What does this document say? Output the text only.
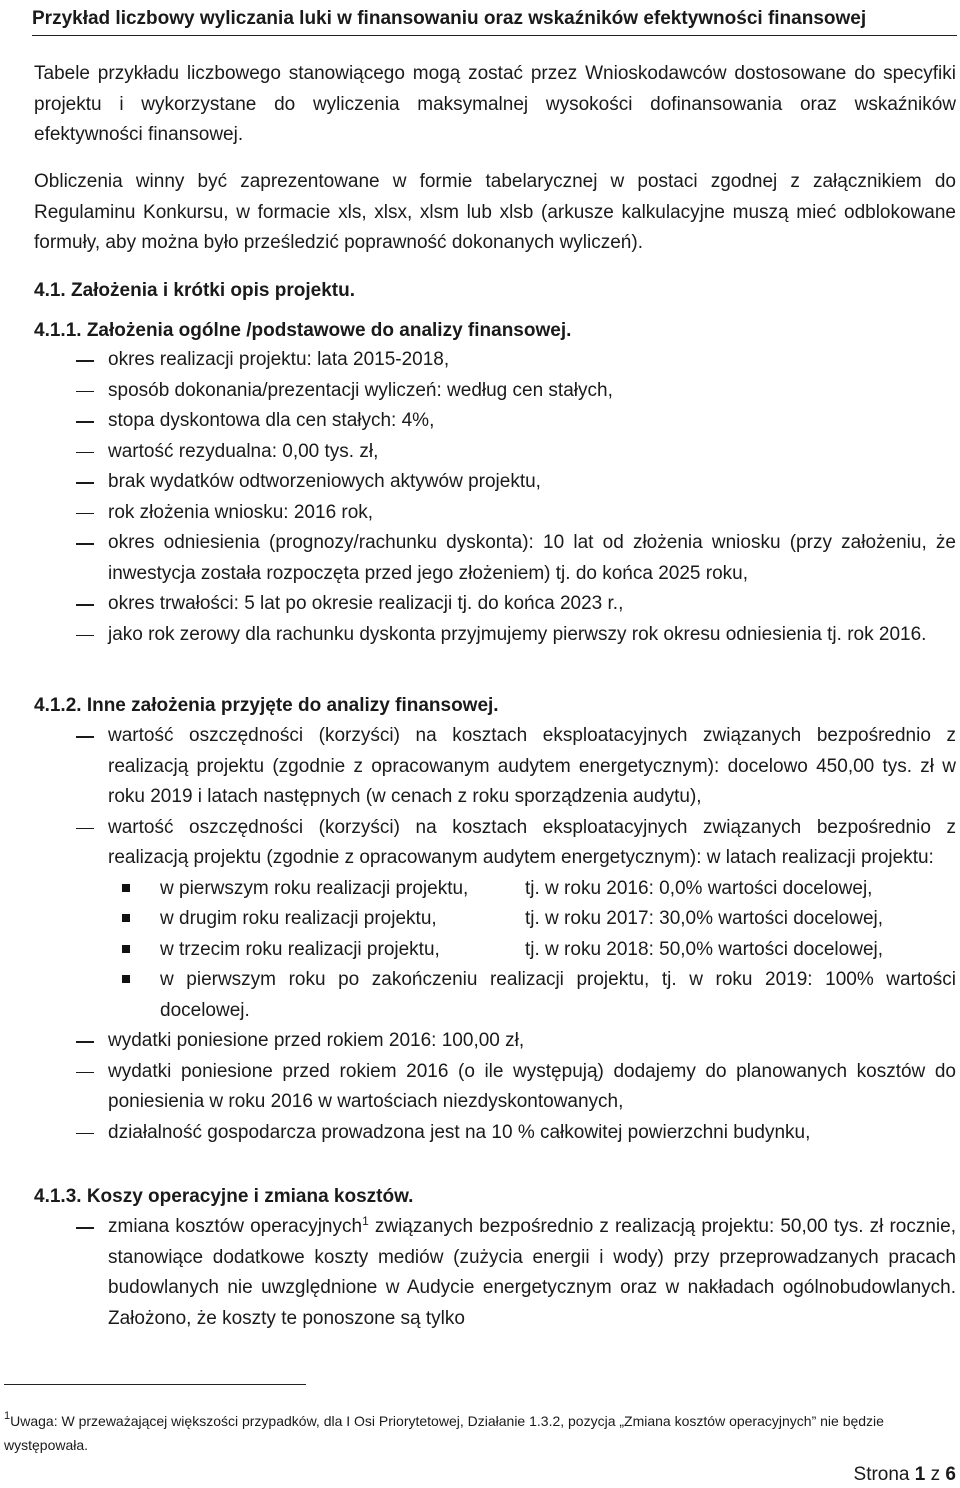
Przykład liczbowy wyliczania luki w finansowaniu oraz wskaźników efektywności finansowej
Tabele przykładu liczbowego stanowiącego mogą zostać przez Wnioskodawców dostosowane do specyfiki projektu i wykorzystane do wyliczenia maksymalnej wysokości dofinansowania oraz wskaźników efektywności finansowej.
Obliczenia winny być zaprezentowane w formie tabelarycznej w postaci zgodnej z załącznikiem do Regulaminu Konkursu, w formacie xls, xlsx, xlsm lub xlsb (arkusze kalkulacyjne muszą mieć odblokowane formuły, aby można było prześledzić poprawność dokonanych wyliczeń).
4.1. Założenia i krótki opis projektu.
4.1.1. Założenia ogólne /podstawowe do analizy finansowej.
okres realizacji projektu: lata 2015-2018,
sposób dokonania/prezentacji wyliczeń: według cen stałych,
stopa dyskontowa dla cen stałych: 4%,
wartość rezydualna: 0,00 tys. zł,
brak wydatków odtworzeniowych aktywów projektu,
rok złożenia wniosku: 2016 rok,
okres odniesienia (prognozy/rachunku dyskonta): 10 lat od złożenia wniosku (przy założeniu, że inwestycja została rozpoczęta przed jego złożeniem) tj. do końca 2025 roku,
okres trwałości: 5 lat po okresie realizacji tj. do końca 2023 r.,
jako rok zerowy dla rachunku dyskonta przyjmujemy pierwszy rok okresu odniesienia tj. rok 2016.
4.1.2. Inne założenia przyjęte do analizy finansowej.
wartość oszczędności (korzyści) na kosztach eksploatacyjnych związanych bezpośrednio z realizacją projektu (zgodnie z opracowanym audytem energetycznym): docelowo 450,00 tys. zł w roku 2019 i latach następnych (w cenach z roku sporządzenia audytu),
wartość oszczędności (korzyści) na kosztach eksploatacyjnych związanych bezpośrednio z realizacją projektu (zgodnie z opracowanym audytem energetycznym): w latach realizacji projektu:
w pierwszym roku realizacji projektu,	tj. w roku 2016: 0,0% wartości docelowej,
w drugim roku realizacji projektu,	tj. w roku 2017: 30,0% wartości docelowej,
w trzecim roku realizacji projektu,	tj. w roku 2018: 50,0% wartości docelowej,
w pierwszym roku po zakończeniu realizacji projektu, tj. w roku 2019: 100% wartości docelowej.
wydatki poniesione przed rokiem 2016: 100,00 zł,
wydatki poniesione przed rokiem 2016 (o ile występują) dodajemy do planowanych kosztów do poniesienia w roku 2016 w wartościach niezdyskontowanych,
działalność gospodarcza prowadzona jest na 10 % całkowitej powierzchni budynku,
4.1.3. Koszy operacyjne i zmiana kosztów.
zmiana kosztów operacyjnych$^1$ związanych bezpośrednio z realizacją projektu: 50,00 tys. zł rocznie, stanowiące dodatkowe koszty mediów (zużycia energii i wody) przy przeprowadzanych pracach budowlanych nie uwzględnione w Audycie energetycznym oraz w nakładach ogólnobudowlanych. Założono, że koszty te ponoszone są tylko
$^1$Uwaga: W przeważającej większości przypadków, dla I Osi Priorytetowej, Działanie 1.3.2, pozycja „Zmiana kosztów operacyjnych” nie będzie występowała.
Strona 1 z 6
